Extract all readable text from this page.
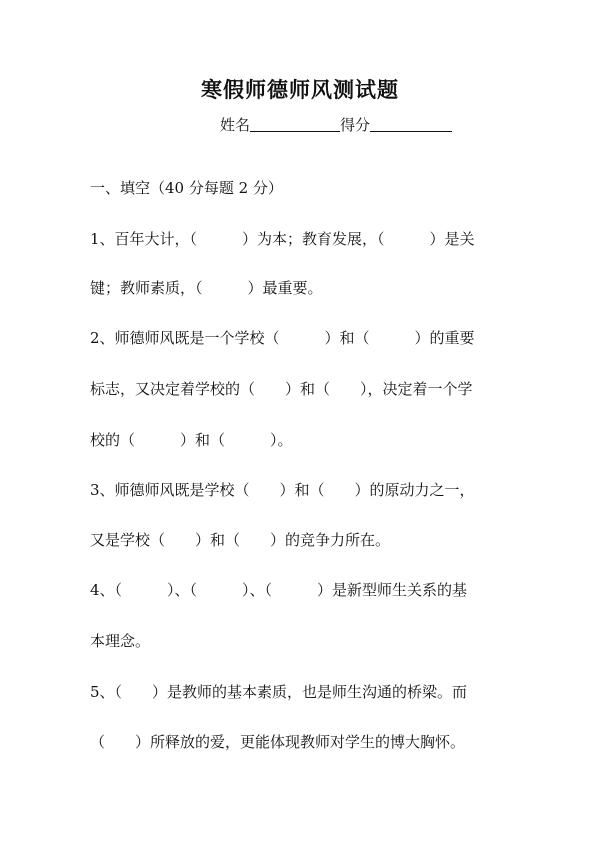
寒假师德师风测试题
姓名	得分
一、填空（40 分每题 2 分）
1、百年大计，（　　　）为本；教育发展，（　　　）是关
键；教师素质，（　　　）最重要。
2、师德师风既是一个学校（　　　）和（　　　）的重要
标志，又决定着学校的（　　）和（　　），决定着一个学
校的（　　　）和（　　　）。
3、师德师风既是学校（　　）和（　　）的原动力之一，
又是学校（　　）和（　　）的竞争力所在。
4、（　　　）、（　　　）、（　　　）是新型师生关系的基
本理念。
5、（　　）是教师的基本素质，也是师生沟通的桥梁。而
（　　）所释放的爱，更能体现教师对学生的博大胸怀。
